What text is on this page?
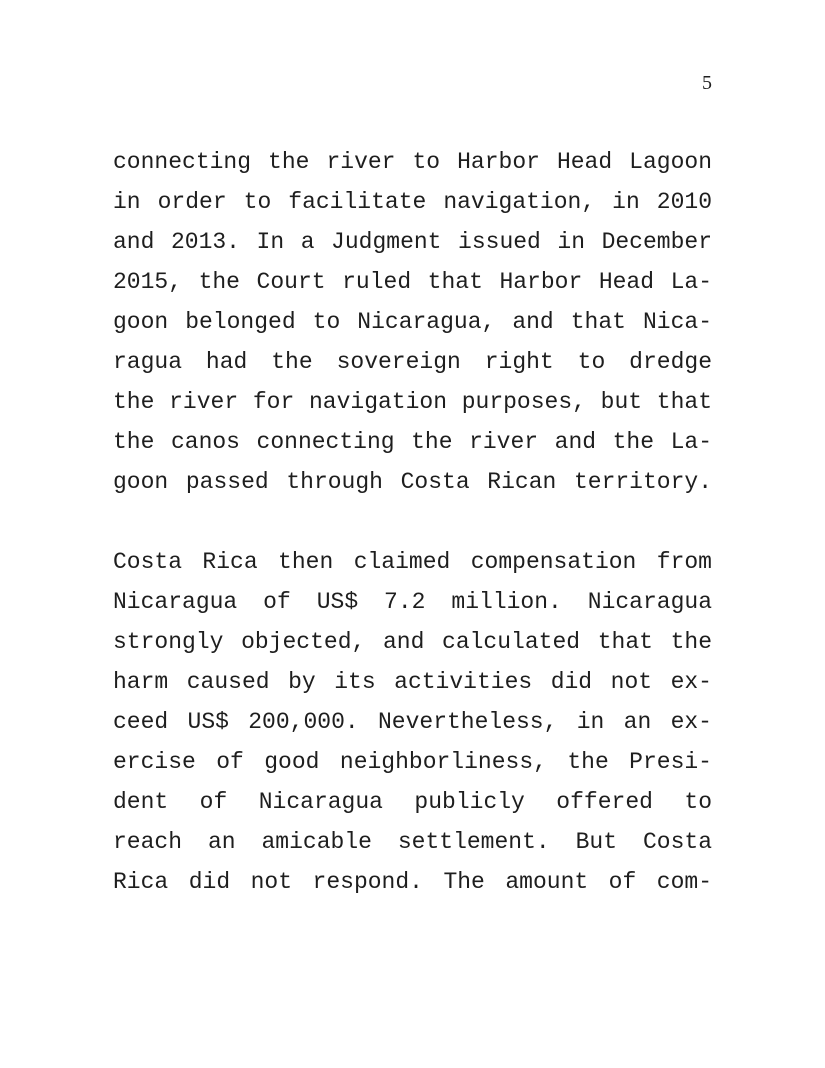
5
connecting the river to Harbor Head Lagoon
in order to facilitate navigation, in 2010
and 2013. In a Judgment issued in December
2015, the Court ruled that Harbor Head La-
goon belonged to Nicaragua, and that Nica-
ragua had the sovereign right to dredge
the river for navigation purposes, but that
the canos connecting the river and the La-
goon passed through Costa Rican territory.
Costa Rica then claimed compensation from
Nicaragua of US$ 7.2 million. Nicaragua
strongly objected, and calculated that the
harm caused by its activities did not ex-
ceed US$ 200,000. Nevertheless, in an ex-
ercise of good neighborliness, the Presi-
dent of Nicaragua publicly offered to
reach an amicable settlement. But Costa
Rica did not respond. The amount of com-
